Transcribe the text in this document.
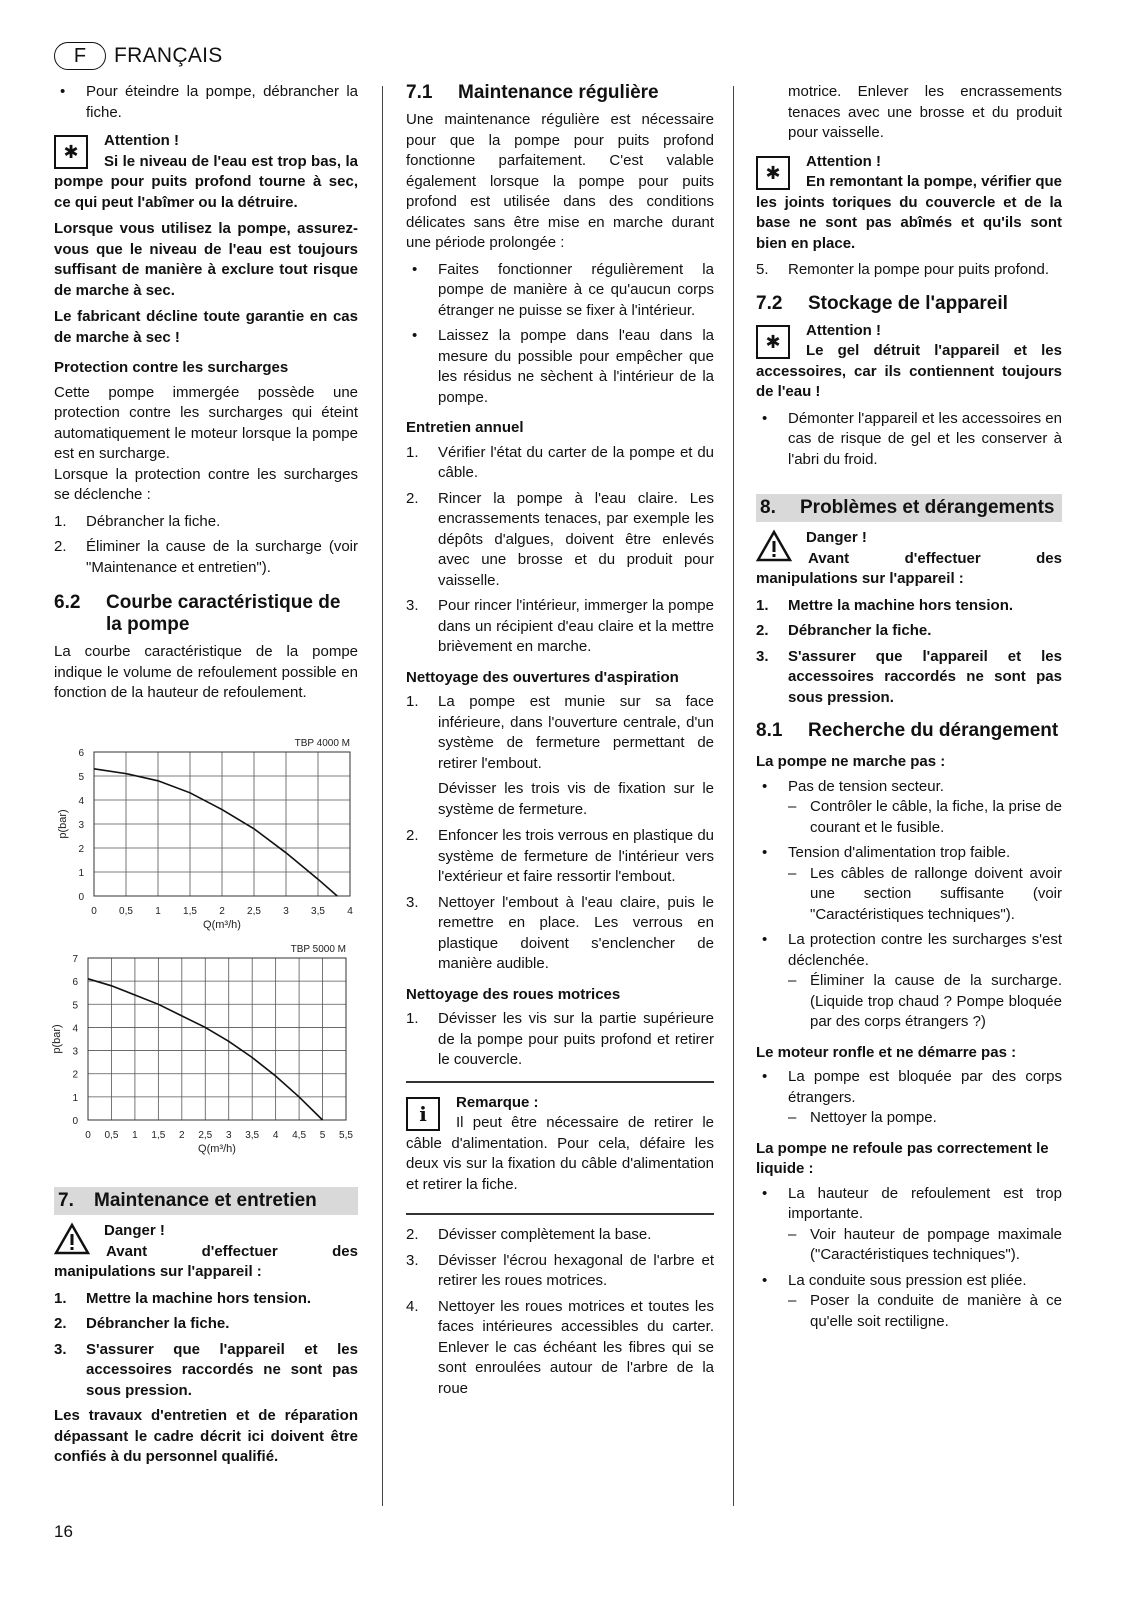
F	FRANÇAIS
•	Pour éteindre la pompe, débrancher la fiche.
✱

Attention !

Si le niveau de l'eau est trop bas, la pompe pour puits profond tourne à sec, ce qui peut l'abîmer ou la détruire.

Lorsque vous utilisez la pompe, assurez-vous que le niveau de l'eau est toujours suffisant de manière à exclure tout risque de marche à sec.

Le fabricant décline toute garantie en cas de marche à sec !

Protection contre les surcharges

Cette pompe immergée possède une protection contre les surcharges qui éteint automatiquement le moteur lorsque la pompe est en surcharge.

Lorsque la protection contre les surcharges se déclenche :

1.	Débrancher la fiche.
2.	Éliminer la cause de la surcharge (voir "Maintenance et entretien").
6.2	Courbe caractéristique de la pompe

La courbe caractéristique de la pompe indique le volume de refoulement possible en fonction de la hauteur de refoulement.

0 0,5 1 1,5 2 2,5 3 3,5 4
0
1
2
3
4
5
6
TBP 4000 M
Q(m³/h)
p(bar)
0 0,5 1 1,5 2 2,5 3 3,5 4 4,5 5 5,5
0
1
2
3
4
5
6
7
TBP 5000 M
Q(m³/h)
p(bar)
7.	Maintenance et entretien

Danger !

Avant d'effectuer des manipulations sur l'appareil :

1.	Mettre la machine hors tension.
2.	Débrancher la fiche.
3.	S'assurer que l'appareil et les accessoires raccordés ne sont pas sous pression.

Les travaux d'entretien et de réparation dépassant le cadre décrit ici doivent être confiés à du personnel qualifié.

7.1	Maintenance régulière

Une maintenance régulière est nécessaire pour que la pompe pour puits profond fonctionne parfaitement. C'est valable également lorsque la pompe pour puits profond est utilisée dans des conditions délicates sans être mise en marche durant une période prolongée :

•	Faites fonctionner régulièrement la pompe de manière à ce qu'aucun corps étranger ne puisse se fixer à l'intérieur.
•	Laissez la pompe dans l'eau dans la mesure du possible pour empêcher que les résidus ne sèchent à l'intérieur de la pompe.
Entretien annuel
1.	Vérifier l'état du carter de la pompe et du câble.
2.	Rincer la pompe à l'eau claire. Les encrassements tenaces, par exemple les dépôts d'algues, doivent être enlevés avec une brosse et du produit pour vaisselle.
3.	Pour rincer l'intérieur, immerger la pompe dans un récipient d'eau claire et la mettre brièvement en marche.
Nettoyage des ouvertures d'aspiration
1.	La pompe est munie sur sa face inférieure, dans l'ouverture centrale, d'un système de fermeture permettant de retirer l'embout.

Dévisser les trois vis de fixation sur le système de fermeture.

2.	Enfoncer les trois verrous en plastique du système de fermeture de l'intérieur vers l'extérieur et faire ressortir l'embout.
3.	Nettoyer l'embout à l'eau claire, puis le remettre en place. Les verrous en plastique doivent s'enclencher de manière audible.
Nettoyage des roues motrices
1.	Dévisser les vis sur la partie supérieure de la pompe pour puits profond et retirer le couvercle.
i	Remarque :

Il peut être nécessaire de retirer le câble d'alimentation. Pour cela, défaire les deux vis sur la fixation du câble d'alimentation et retirer la fiche.

2.	Dévisser complètement la base.
3.	Dévisser l'écrou hexagonal de l'arbre et retirer les roues motrices.
4.	Nettoyer les roues motrices et toutes les faces intérieures accessibles du carter. Enlever le cas échéant les fibres qui se sont enroulées autour de l'arbre de la roue

motrice. Enlever les encrassements tenaces avec une brosse et du produit pour vaisselle.

✱

Attention !

En remontant la pompe, vérifier que les joints toriques du couvercle et de la base ne sont pas abîmés et qu'ils sont bien en place.

5.	Remonter la pompe pour puits profond.
7.2	Stockage de l'appareil
✱

Attention !

Le gel détruit l'appareil et les accessoires, car ils contiennent toujours de l'eau !

•	Démonter l'appareil et les accessoires en cas de risque de gel et les conserver à l'abri du froid.
8.	Problèmes et dérangements

Danger !

Avant d'effectuer des manipulations sur l'appareil :

1.	Mettre la machine hors tension.
2.	Débrancher la fiche.
3.	S'assurer que l'appareil et les accessoires raccordés ne sont pas sous pression.
8.1	Recherche du dérangement
La pompe ne marche pas :
•	Pas de tension secteur.
– Contrôler le câble, la fiche, la prise de courant et le fusible.
•	Tension d'alimentation trop faible.
– Les câbles de rallonge doivent avoir une section suffisante (voir "Caractéristiques techniques").
•	La protection contre les surcharges s'est déclenchée.
– Éliminer la cause de la surcharge. (Liquide trop chaud ? Pompe bloquée par des corps étrangers ?)
Le moteur ronfle et ne démarre pas :
•	La pompe est bloquée par des corps étrangers.
– Nettoyer la pompe.
La pompe ne refoule pas correctement le liquide :
•	La hauteur de refoulement est trop importante.
– Voir hauteur de pompage maximale ("Caractéristiques techniques").
•	La conduite sous pression est pliée.
– Poser la conduite de manière à ce qu'elle soit rectiligne.
16
